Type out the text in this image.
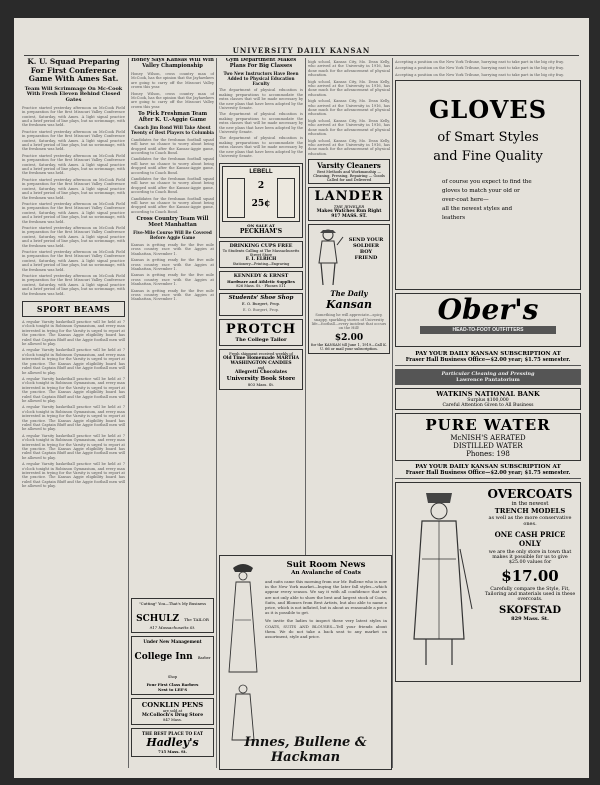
UNIVERSITY DAILY KANSAN
K. U. Squad Preparing For First Conference Game With Ames Sat.
Team Will Scrimmage On Mc-Cook With Fresh Eleven Behind Closed Gates
Practice started yesterday afternoon on McCook Field in preparation for the first Missouri Valley Conference contest, Saturday, with Ames. A light signal practice and a brief period of line plays, but no scrimmage, with the freshmen was held.
Practice started yesterday afternoon on McCook Field in preparation for the first Missouri Valley Conference contest, Saturday, with Ames. A light signal practice and a brief period of line plays, but no scrimmage, with the freshmen was held.
Practice started yesterday afternoon on McCook Field in preparation for the first Missouri Valley Conference contest, Saturday, with Ames. A light signal practice and a brief period of line plays, but no scrimmage, with the freshmen was held.
Practice started yesterday afternoon on McCook Field in preparation for the first Missouri Valley Conference contest, Saturday, with Ames. A light signal practice and a brief period of line plays, but no scrimmage, with the freshmen was held.
Practice started yesterday afternoon on McCook Field in preparation for the first Missouri Valley Conference contest, Saturday, with Ames. A light signal practice and a brief period of line plays, but no scrimmage, with the freshmen was held.
Practice started yesterday afternoon on McCook Field in preparation for the first Missouri Valley Conference contest, Saturday, with Ames. A light signal practice and a brief period of line plays, but no scrimmage, with the freshmen was held.
Practice started yesterday afternoon on McCook Field in preparation for the first Missouri Valley Conference contest, Saturday, with Ames. A light signal practice and a brief period of line plays, but no scrimmage, with the freshmen was held.
Practice started yesterday afternoon on McCook Field in preparation for the first Missouri Valley Conference contest, Saturday, with Ames. A light signal practice and a brief period of line plays, but no scrimmage, with the freshmen was held.
SPORT BEAMS
A regular Varsity basketball practice will be held at 7 o'clock tonight in Robinson Gymnasium, and every man interested in trying for the Varsity is urged to report at the practice. The Kansas Aggie eligibility board has ruled that Captain Bluff and the Aggie football men will be allowed to play.
A regular Varsity basketball practice will be held at 7 o'clock tonight in Robinson Gymnasium, and every man interested in trying for the Varsity is urged to report at the practice. The Kansas Aggie eligibility board has ruled that Captain Bluff and the Aggie football men will be allowed to play.
A regular Varsity basketball practice will be held at 7 o'clock tonight in Robinson Gymnasium, and every man interested in trying for the Varsity is urged to report at the practice. The Kansas Aggie eligibility board has ruled that Captain Bluff and the Aggie football men will be allowed to play.
A regular Varsity basketball practice will be held at 7 o'clock tonight in Robinson Gymnasium, and every man interested in trying for the Varsity is urged to report at the practice. The Kansas Aggie eligibility board has ruled that Captain Bluff and the Aggie football men will be allowed to play.
A regular Varsity basketball practice will be held at 7 o'clock tonight in Robinson Gymnasium, and every man interested in trying for the Varsity is urged to report at the practice. The Kansas Aggie eligibility board has ruled that Captain Bluff and the Aggie football men will be allowed to play.
A regular Varsity basketball practice will be held at 7 o'clock tonight in Robinson Gymnasium, and every man interested in trying for the Varsity is urged to report at the practice. The Kansas Aggie eligibility board has ruled that Captain Bluff and the Aggie football men will be allowed to play.
Honey Says Kansas Will Win Valley Championship
Honey Wilson, cross country man of McCook, has the opinion that the Jayhawkers are going to carry off the Missouri Valley crown this year.
Honey Wilson, cross country man of McCook, has the opinion that the Jayhawkers are going to carry off the Missouri Valley crown this year.
To Pick Freshman Team After K. U.-Aggie Game
Coach Jim Bond Will Take About Twenty of Best Players to Columbia
Candidates for the freshman football squad will have no chance to worry about being dropped until after the Kansas-Aggie game, according to Coach Bond.
Candidates for the freshman football squad will have no chance to worry about being dropped until after the Kansas-Aggie game, according to Coach Bond.
Candidates for the freshman football squad will have no chance to worry about being dropped until after the Kansas-Aggie game, according to Coach Bond.
Candidates for the freshman football squad will have no chance to worry about being dropped until after the Kansas-Aggie game, according to Coach Bond.
Cross Country Team Will Meet Manhattan
Five-Mile Course Will Be Covered Before Aggie Game
Kansas is getting ready for the five mile cross country race with the Aggies at Manhattan, November 1.
Kansas is getting ready for the five mile cross country race with the Aggies at Manhattan, November 1.
Kansas is getting ready for the five mile cross country race with the Aggies at Manhattan, November 1.
Kansas is getting ready for the five mile cross country race with the Aggies at Manhattan, November 1.
"Cutting" You—That's My Business
SCHULZ The TAILOR
917 Massachusetts St.
Under New Management
College Inn Barber Shop
Four First Class Barbers
Next to LEE'S
CONKLIN PENS
are sold at
McColloch's Drug Store
847 Mass.
THE BEST PLACE TO EAT
Hadley's
715 Mass. St.
Gym Department Makes Plans For Big Classes
Two New Instructors Have Been Added to Physical Education Faculty
The department of physical education is making preparations to accommodate the extra classes that will be made necessary by the new plans that have been adopted by the University Senate.
The department of physical education is making preparations to accommodate the extra classes that will be made necessary by the new plans that have been adopted by the University Senate.
The department of physical education is making preparations to accommodate the extra classes that will be made necessary by the new plans that have been adopted by the University Senate.
LEBELL
2
25¢
ON SALE AT
PECKHAM'S
DRINKING CUPS FREE
To Students Calling at The Massachusetts Street Store
F. I. ELRICH
Stationery—Printing—Engraving
KENNEDY & ERNST
Hardware and Athletic Supplies
826 Mass. St. · Phones 511
Students' Shoe Shop
E. O. Burgert, Prop.
E. O. Burgert, Prop.
PROTCH
The College Tailor
Fresh shipment received weekly of
Old Time Homemade MARTHA WASHINGTON CANDIES
and
Allegretti Chocolates
University Book Store
803 Mass. St.
high school, Kansas City, Mo. Dean Kelly, who arrived at the University in 1916, has done much for the advancement of physical education.
high school, Kansas City, Mo. Dean Kelly, who arrived at the University in 1916, has done much for the advancement of physical education.
high school, Kansas City, Mo. Dean Kelly, who arrived at the University in 1916, has done much for the advancement of physical education.
high school, Kansas City, Mo. Dean Kelly, who arrived at the University in 1916, has done much for the advancement of physical education.
high school, Kansas City, Mo. Dean Kelly, who arrived at the University in 1916, has done much for the advancement of physical education.
Varsity Cleaners
Best Methods and Workmanship — Cleaning, Pressing, Repairing — Goods Called for and Delivered
LANDER
THE JEWELER
Makes Watches Run Right
917 MASS. ST.
SEND YOUR
SOLDIER
BOY
FRIEND
The Daily
Kansan
Something he will appreciate—spicy, snappy, sparkling stories of University life—football—every incident that occurs on the Hill!
$2.00
for the KANSAN till June 1, 1919—Call K. U. 66 or mail your subscription.
Suit Room News
An Avalanche of Coats
and suits came this morning from our Mr. Bullene who is now in the New York market—buying the later fall styles—which appear every season. We say it with all confidence that we are not only able to show the best and largest stock of Coats, Suits, and Blouses from Best Artists, but also able to name a price, which is not inflated, but is about as reasonable a price as it is possible to get.
We invite the ladies to inspect these very latest styles in COATS, SUITS AND BLOUSES—Tell your friends about them. We do not take a back seat to any market on assortment, style and price.
Innes, Bullene & Hackman
Accepting a position on the New York Tribune, hurrying east to take part in the big city fray.
Accepting a position on the New York Tribune, hurrying east to take part in the big city fray.
Accepting a position on the New York Tribune, hurrying east to take part in the big city fray.
GLOVES
of Smart Styles
and Fine Quality
of course you expect to find the gloves to match your old or over-coat here—
all the newest styles and leathers
Ober's
HEAD-TO-FOOT OUTFITTERS
PAY YOUR DAILY KANSAN SUBSCRIPTION AT
Fraser Hall Business Office—$2.00 year; $1.75 semester.
Particular Cleaning and Pressing
Lawrence Pantatorium
WATKINS NATIONAL BANK
Surplus $100,000
Careful Attention Given to All Business
PURE WATER
McNISH'S AERATED
DISTILLED WATER
Phones: 198
PAY YOUR DAILY KANSAN SUBSCRIPTION AT
Fraser Hall Business Office—$2.00 year; $1.75 semester.
OVERCOATS
in the newest
TRENCH MODELS
as well as the more conservative ones.
ONE CASH PRICE ONLY
we are the only store in town that makes it possible for us to give $25.00 values for
$17.00
Carefully compare the Style, Fit, Tailoring and materials used in these overcoats.
SKOFSTAD
829 Mass. St.
